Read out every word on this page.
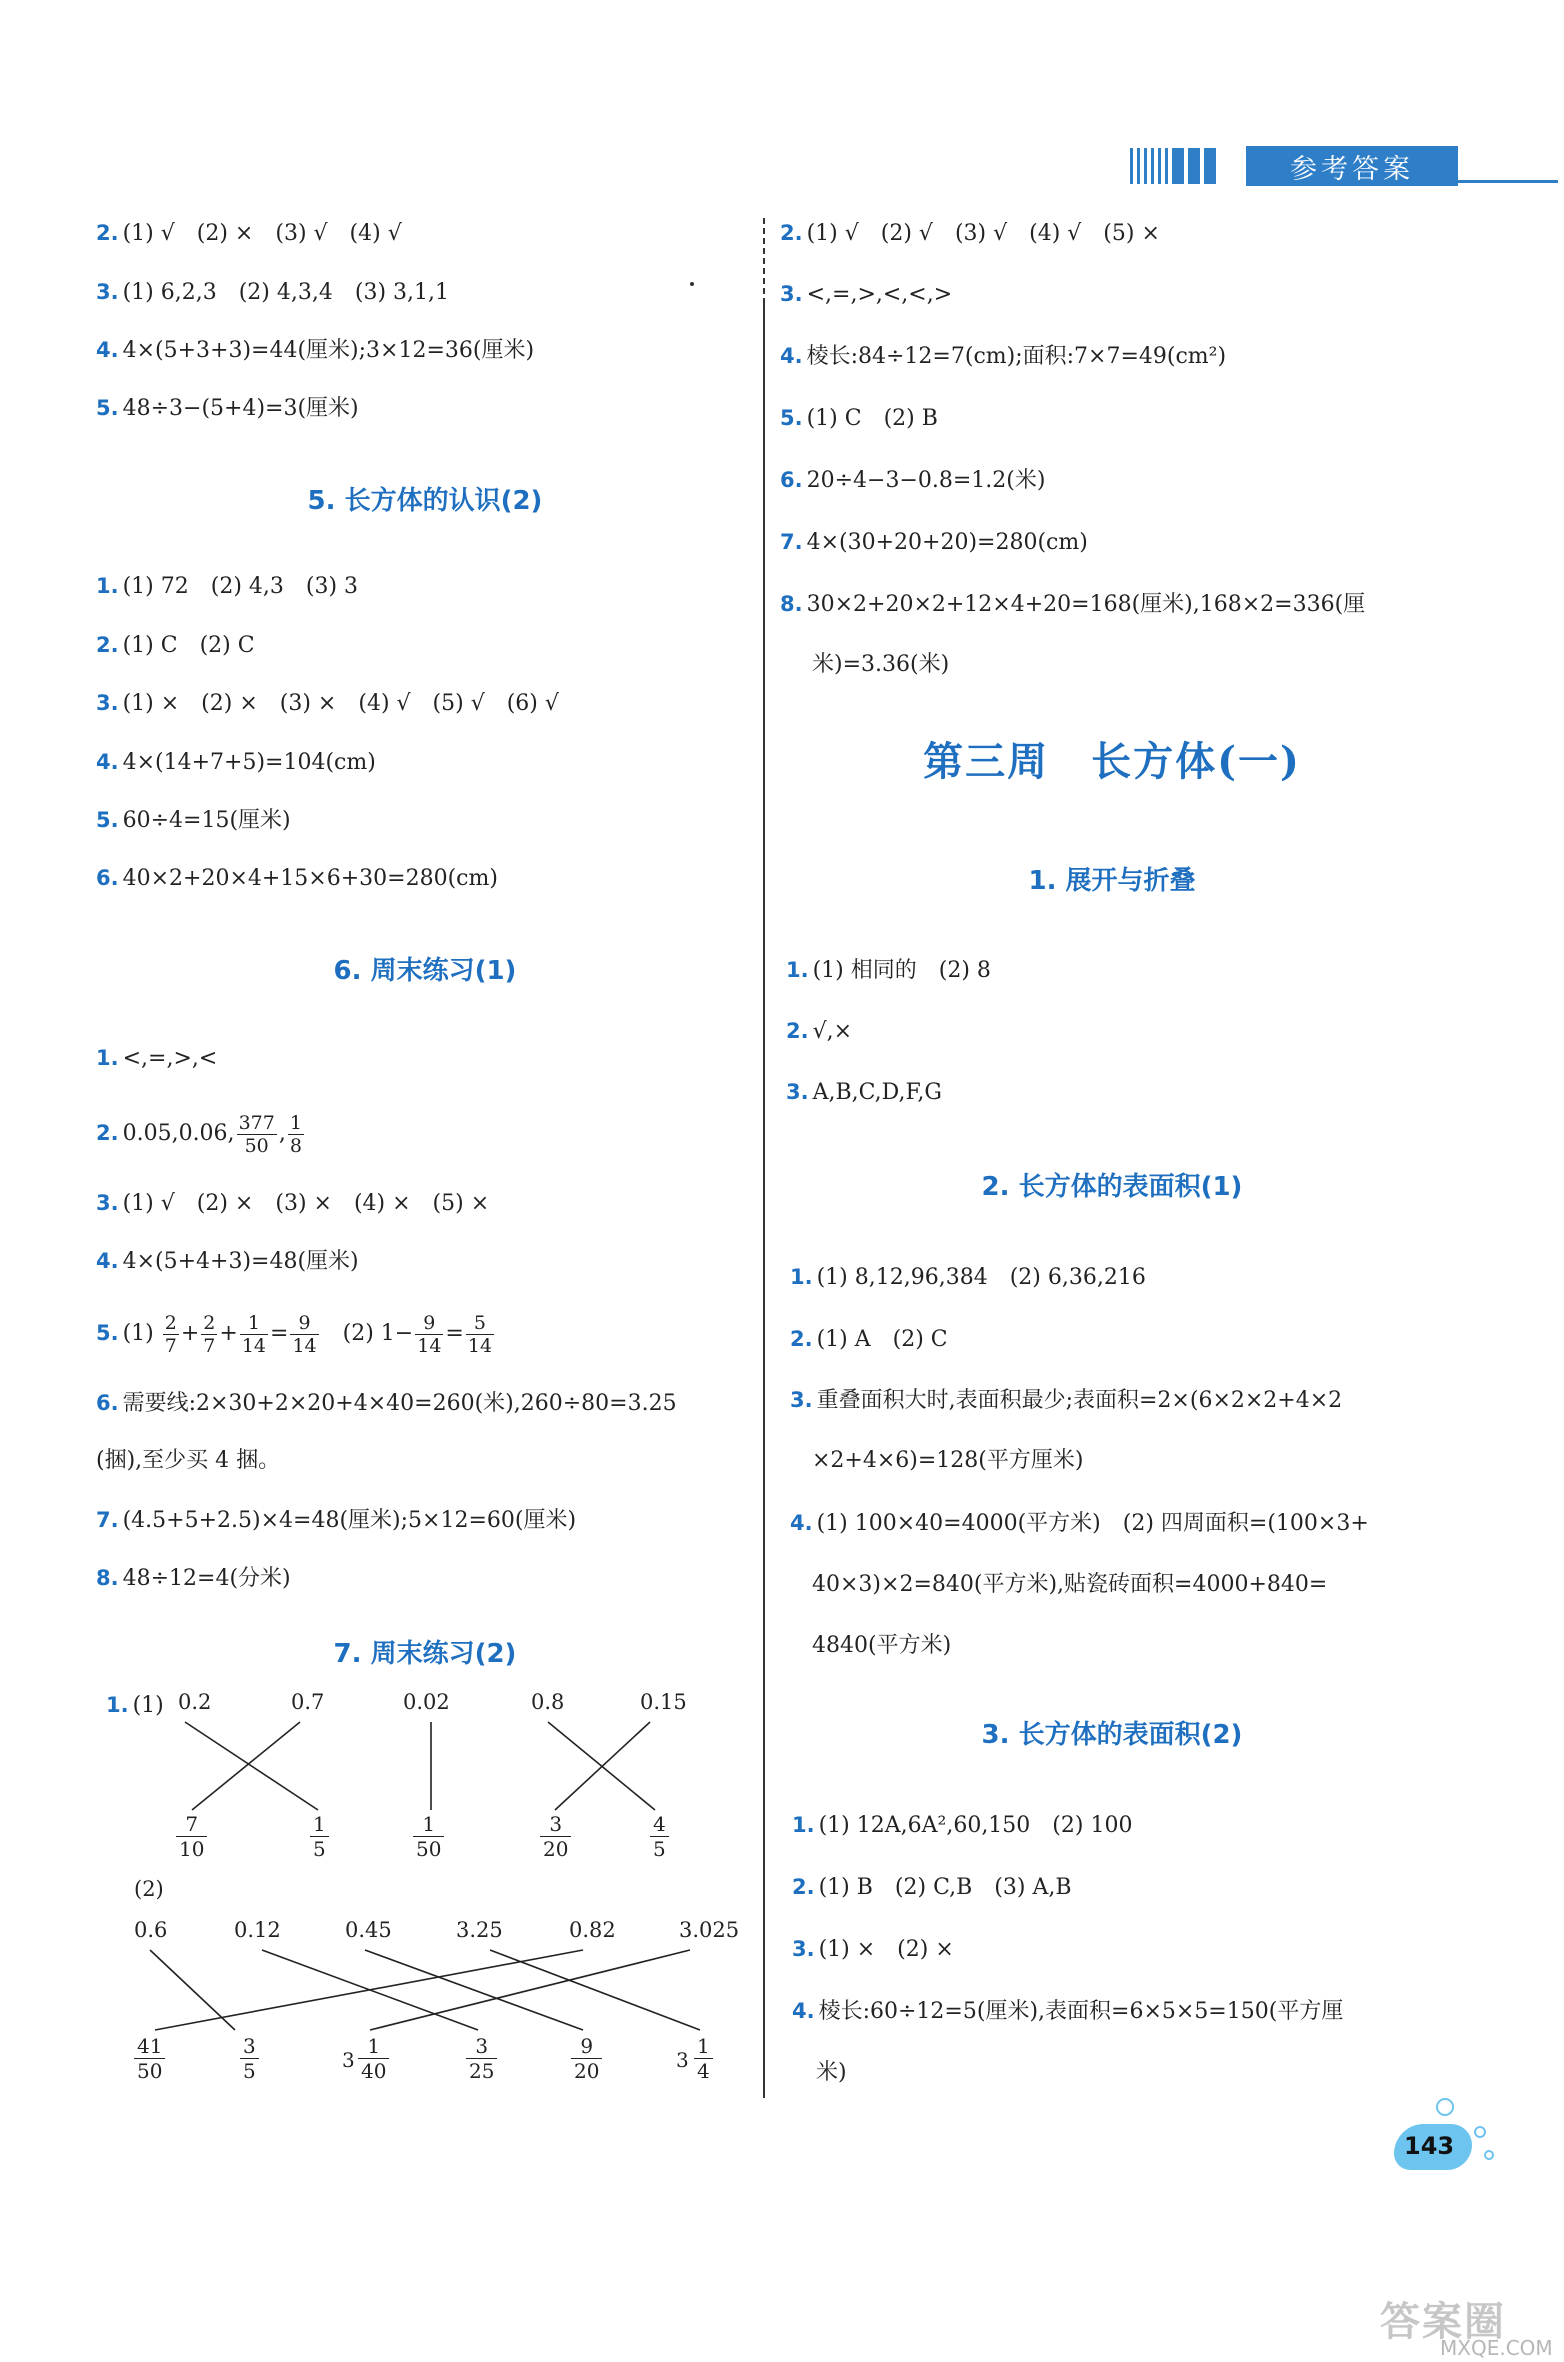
参考答案
2. (1) √　(2) ×　(3) √　(4) √
3. (1) 6,2,3　(2) 4,3,4　(3) 3,1,1
4. 4×(5+3+3)=44(厘米);3×12=36(厘米)
5. 48÷3−(5+4)=3(厘米)
5. 长方体的认识(2)
1. (1) 72　(2) 4,3　(3) 3
2. (1) C　(2) C
3. (1) ×　(2) ×　(3) ×　(4) √　(5) √　(6) √
4. 4×(14+7+5)=104(cm)
5. 60÷4=15(厘米)
6. 40×2+20×4+15×6+30=280(cm)
6. 周末练习(1)
1. <,=,>,<
2. 0.05,0.06, $\frac{377}{50}$ , $\frac{1}{8}$
3. (1) √　(2) ×　(3) ×　(4) ×　(5) ×
4. 4×(5+4+3)=48(厘米)
5. $(1) \frac{2}{7} + \frac{2}{7} + \frac{1}{14} = \frac{9}{14}$ 　(2) $1- \frac{9}{14} = \frac{5}{14}$
6. 需要线:2×30+2×20+4×40=260(米),260÷80=3.25
(捆),至少买 4 捆。
7. (4.5+5+2.5)×4=48(厘米);5×12=60(厘米)
8. 48÷12=4(分米)
7. 周末练习(2)
1. (1) 0.2	0.7	0.02	0.8	0.15
7
10
1
5
1
50
3
20
4
5
(2)
0.6	0.12	0.45	3.25	0.82	3.025
41
50
3
5	3
1
40
3
25
9
20	3
1
4
2. (1) √　(2) √　(3) √　(4) √　(5) ×
3. <,=,>,<,<,>
4. 棱长:84÷12=7(cm);面积:7×7=49(cm²)
5. (1) C　(2) B
6. 20÷4−3−0.8=1.2(米)
7. 4×(30+20+20)=280(cm)
8. 30×2+20×2+12×4+20=168(厘米),168×2=336(厘
米)=3.36(米)
第三周　长方体(一)
1. 展开与折叠
1. (1) 相同的　(2) 8
2. √,×
3. A,B,C,D,F,G
2. 长方体的表面积(1)
1. (1) 8,12,96,384　(2) 6,36,216
2. (1) A　(2) C
3. 重叠面积大时,表面积最少;表面积=2×(6×2×2+4×2
×2+4×6)=128(平方厘米)
4. (1) 100×40=4000(平方米)　(2) 四周面积=(100×3+
40×3)×2=840(平方米),贴瓷砖面积=4000+840=
4840(平方米)
3. 长方体的表面积(2)
1. (1) 12A,6A²,60,150　(2) 100
2. (1) B　(2) C,B　(3) A,B
3. (1) ×　(2) ×
4. 棱长:60÷12=5(厘米),表面积=6×5×5=150(平方厘
米)
143
答案圈
MXQE.COM
